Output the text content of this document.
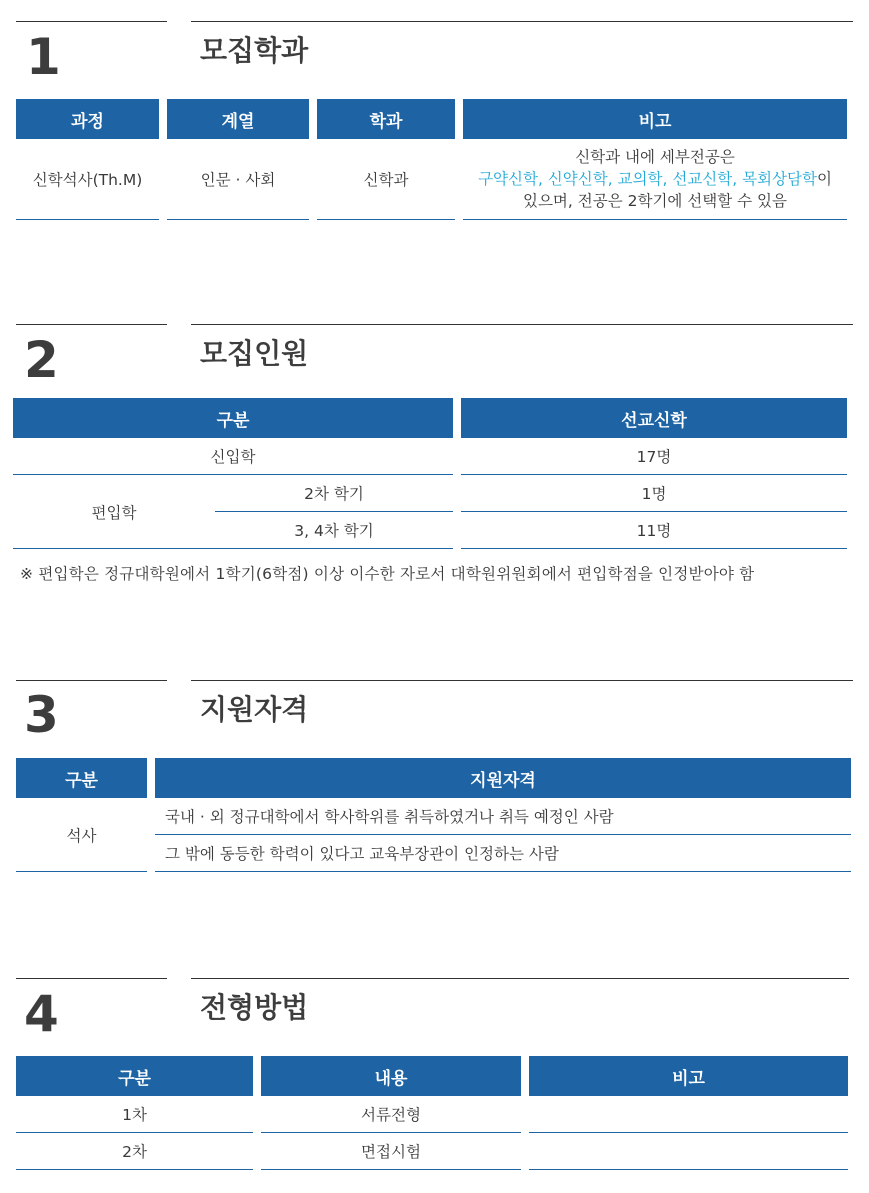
1	모집학과
과정	계열	학과	비고
신학석사(Th.M)	인문 · 사회	신학과
신학과 내에 세부전공은
구약신학, 신약신학, 교의학, 선교신학, 목회상담학이
있으며, 전공은 2학기에 선택할 수 있음
2	모집인원
구분	선교신학
신입학	17명
편입학
2차 학기	1명
3, 4차 학기	11명
※ 편입학은 정규대학원에서 1학기(6학점) 이상 이수한 자로서 대학원위원회에서 편입학점을 인정받아야 함
3	지원자격
구분	지원자격
석사
국내 · 외 정규대학에서 학사학위를 취득하였거나 취득 예정인 사람
그 밖에 동등한 학력이 있다고 교육부장관이 인정하는 사람
4	전형방법
구분	내용	비고
1차	서류전형
2차	면접시험
